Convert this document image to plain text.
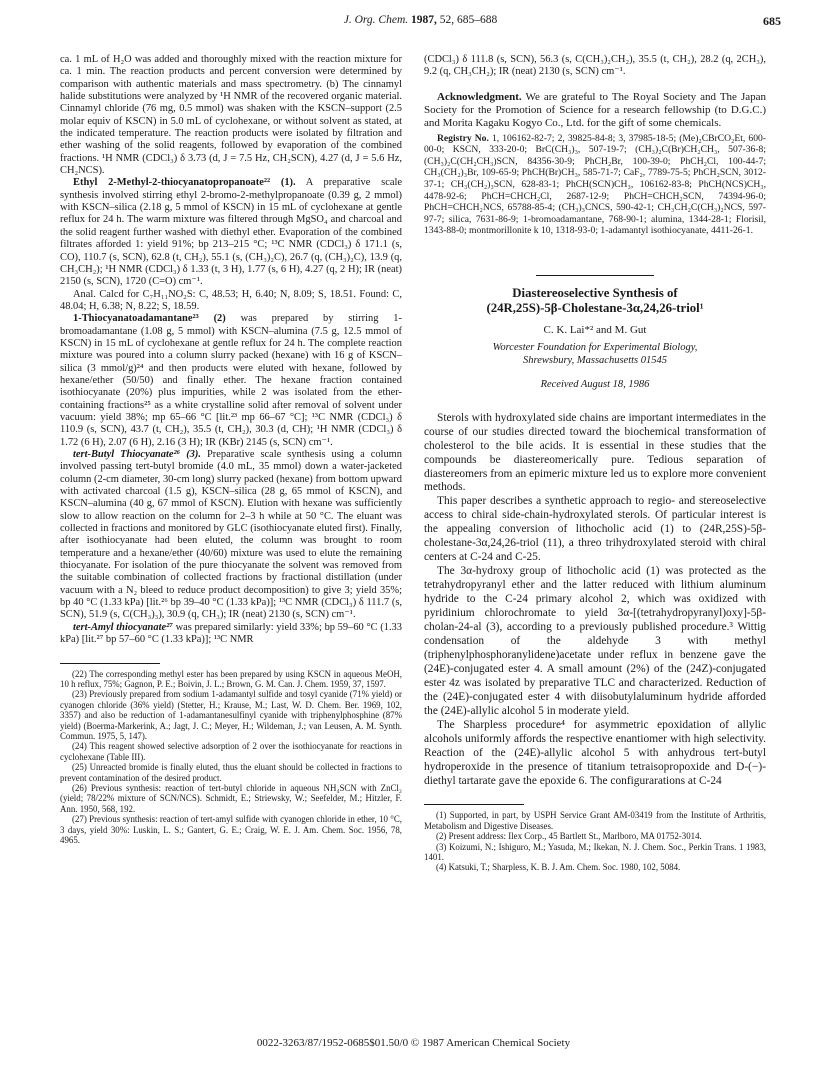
J. Org. Chem. 1987, 52, 685–688	685

ca. 1 mL of H₂O was added and thoroughly mixed with the reaction mixture for ca. 1 min. The reaction products and percent conversion were determined by comparison with authentic materials and mass spectrometry. (b) The cinnamyl halide substitutions were analyzed by ¹H NMR of the recovered organic material. Cinnamyl chloride (76 mg, 0.5 mmol) was shaken with the KSCN–support (2.5 molar equiv of KSCN) in 5.0 mL of cyclohexane, or without solvent as stated, at the indicated temperature. The reaction products were isolated by filtration and ether washing of the solid reagents, followed by evaporation of the combined fractions. ¹H NMR (CDCl₃) δ 3.73 (d, J = 7.5 Hz, CH₂SCN), 4.27 (d, J = 5.6 Hz, CH₂NCS).

Ethyl 2-Methyl-2-thiocyanatopropanoate²² (1). A preparative scale synthesis involved stirring ethyl 2-bromo-2-methylpropanoate (0.39 g, 2 mmol) with KSCN–silica (2.18 g, 5 mmol of KSCN) in 15 mL of cyclohexane at gentle reflux for 24 h. The warm mixture was filtered through MgSO₄ and charcoal and the solid reagent further washed with diethyl ether. Evaporation of the combined filtrates afforded 1: yield 91%; bp 213–215 °C; ¹³C NMR (CDCl₃) δ 171.1 (s, CO), 110.7 (s, SCN), 62.8 (t, CH₂), 55.1 (s, (CH₃)₂C), 26.7 (q, (CH₃)₂C), 13.9 (q, CH₃CH₂); ¹H NMR (CDCl₃) δ 1.33 (t, 3 H), 1.77 (s, 6 H), 4.27 (q, 2 H); IR (neat) 2150 (s, SCN), 1720 (C=O) cm⁻¹.

Anal. Calcd for C₇H₁₁NO₂S: C, 48.53; H, 6.40; N, 8.09; S, 18.51. Found: C, 48.04; H, 6.38; N, 8.22; S, 18.59.

1-Thiocyanatoadamantane²³ (2) was prepared by stirring 1-bromoadamantane (1.08 g, 5 mmol) with KSCN–alumina (7.5 g, 12.5 mmol of KSCN) in 15 mL of cyclohexane at gentle reflux for 24 h. The complete reaction mixture was poured into a column slurry packed (hexane) with 16 g of KSCN–silica (3 mmol/g)²⁴ and then products were eluted with hexane, followed by hexane/ether (50/50) and finally ether. The hexane fraction contained isothiocyanate (20%) plus impurities, while 2 was isolated from the ether-containing fractions²⁵ as a white crystalline solid after removal of solvent under vacuum: yield 38%; mp 65–66 °C [lit.²³ mp 66–67 °C]; ¹³C NMR (CDCl₃) δ 110.9 (s, SCN), 43.7 (t, CH₂), 35.5 (t, CH₂), 30.3 (d, CH); ¹H NMR (CDCl₃) δ 1.72 (6 H), 2.07 (6 H), 2.16 (3 H); IR (KBr) 2145 (s, SCN) cm⁻¹.

tert-Butyl Thiocyanate²⁶ (3). Preparative scale synthesis using a column involved passing tert-butyl bromide (4.0 mL, 35 mmol) down a water-jacketed column (2-cm diameter, 30-cm long) slurry packed (hexane) from bottom upward with activated charcoal (1.5 g), KSCN–silica (28 g, 65 mmol of KSCN), and KSCN–alumina (40 g, 67 mmol of KSCN). Elution with hexane was sufficiently slow to allow reaction on the column for 2–3 h while at 50 °C. The eluant was collected in fractions and monitored by GLC (isothiocyanate eluted first). Finally, after isothiocyanate had been eluted, the column was brought to room temperature and a hexane/ether (40/60) mixture was used to elute the remaining thiocyanate. For isolation of the pure thiocyanate the solvent was removed from the suitable combination of collected fractions by fractional distillation (under vacuum with a N₂ bleed to reduce product decomposition) to give 3; yield 35%; bp 40 °C (1.33 kPa) [lit.²⁶ bp 39–40 °C (1.33 kPa)]; ¹³C NMR (CDCl₃) δ 111.7 (s, SCN), 51.9 (s, C(CH₃)₃), 30.9 (q, CH₃); IR (neat) 2130 (s, SCN) cm⁻¹.

tert-Amyl thiocyanate²⁷ was prepared similarly: yield 33%; bp 59–60 °C (1.33 kPa) [lit.²⁷ bp 57–60 °C (1.33 kPa)]; ¹³C NMR

(22) The corresponding methyl ester has been prepared by using KSCN in aqueous MeOH, 10 h reflux, 75%; Gagnon, P. E.; Boivin, J. L.; Brown, G. M. Can. J. Chem. 1959, 37, 1597.

(23) Previously prepared from sodium 1-adamantyl sulfide and tosyl cyanide (71% yield) or cyanogen chloride (36% yield) (Stetter, H.; Krause, M.; Last, W. D. Chem. Ber. 1969, 102, 3357) and also be reduction of 1-adamantanesulfinyl cyanide with triphenylphosphine (87% yield) (Boerma-Markerink, A.; Jagt, J. C.; Meyer, H.; Wildeman, J.; van Leusen, A. M. Synth. Commun. 1975, 5, 147).

(24) This reagent showed selective adsorption of 2 over the isothiocyanate for reactions in cyclohexane (Table III).

(25) Unreacted bromide is finally eluted, thus the eluant should be collected in fractions to prevent contamination of the desired product.

(26) Previous synthesis: reaction of tert-butyl chloride in aqueous NH₄SCN with ZnCl₂ (yield; 78/22% mixture of SCN/NCS). Schmidt, E.; Striewsky, W.; Seefelder, M.; Hitzler, F. Ann. 1950, 568, 192.

(27) Previous synthesis: reaction of tert-amyl sulfide with cyanogen chloride in ether, 10 °C, 3 days, yield 30%: Luskin, L. S.; Gantert, G. E.; Craig, W. E. J. Am. Chem. Soc. 1956, 78, 4965.

(CDCl₃) δ 111.8 (s, SCN), 56.3 (s, C(CH₃)₂CH₂), 35.5 (t, CH₂), 28.2 (q, 2CH₃), 9.2 (q, CH₃CH₂); IR (neat) 2130 (s, SCN) cm⁻¹.

Acknowledgment. We are grateful to The Royal Society and The Japan Society for the Promotion of Science for a research fellowship (to D.G.C.) and Morita Kagaku Kogyo Co., Ltd. for the gift of some chemicals.

Registry No. 1, 106162-82-7; 2, 39825-84-8; 3, 37985-18-5; (Me)₂CBrCO₂Et, 600-00-0; KSCN, 333-20-0; BrC(CH₃)₃, 507-19-7; (CH₃)₂C(Br)CH₂CH₃, 507-36-8; (CH₃)₂C(CH₂CH₃)SCN, 84356-30-9; PhCH₂Br, 100-39-0; PhCH₂Cl, 100-44-7; CH₃(CH₂)₃Br, 109-65-9; PhCH(Br)CH₃, 585-71-7; CaF₂, 7789-75-5; PhCH₂SCN, 3012-37-1; CH₃(CH₂)₃SCN, 628-83-1; PhCH(SCN)CH₃, 106162-83-8; PhCH(NCS)CH₃, 4478-92-6; PhCH=CHCH₂Cl, 2687-12-9; PhCH=CHCH₂SCN, 74394-96-0; PhCH=CHCH₂NCS, 65788-85-4; (CH₃)₃CNCS, 590-42-1; CH₃CH₂C(CH₃)₂NCS, 597-97-7; silica, 7631-86-9; 1-bromoadamantane, 768-90-1; alumina, 1344-28-1; Florisil, 1343-88-0; montmorillonite k 10, 1318-93-0; 1-adamantyl isothiocyanate, 4411-26-1.

Diastereoselective Synthesis of
(24R,25S)-5β-Cholestane-3α,24,26-triol¹
C. K. Lai*² and M. Gut
Worcester Foundation for Experimental Biology,
Shrewsbury, Massachusetts 01545
Received August 18, 1986

Sterols with hydroxylated side chains are important intermediates in the course of our studies directed toward the biochemical transformation of cholesterol to the bile acids. It is essential in these studies that the compounds be diastereomerically pure. Tedious separation of diastereomers from an epimeric mixture led us to explore more convenient methods.

This paper describes a synthetic approach to regio- and stereoselective access to chiral side-chain-hydroxylated sterols. Of particular interest is the appealing conversion of lithocholic acid (1) to (24R,25S)-5β-cholestane-3α,24,26-triol (11), a threo trihydroxylated steroid with chiral centers at C-24 and C-25.

The 3α-hydroxy group of lithocholic acid (1) was protected as the tetrahydropyranyl ether and the latter reduced with lithium aluminum hydride to the C-24 primary alcohol 2, which was oxidized with pyridinium chlorochromate to yield 3α-[(tetrahydropyranyl)oxy]-5β-cholan-24-al (3), according to a previously published procedure.³ Wittig condensation of the aldehyde 3 with methyl (triphenylphosphoranylidene)acetate under reflux in benzene gave the (24E)-conjugated ester 4. A small amount (2%) of the (24Z)-conjugated ester 4z was isolated by preparative TLC and characterized. Reduction of the (24E)-conjugated ester 4 with diisobutylaluminum hydride afforded the (24E)-allylic alcohol 5 in moderate yield.

The Sharpless procedure⁴ for asymmetric epoxidation of allylic alcohols uniformly affords the respective enantiomer with high selectivity. Reaction of the (24E)-allylic alcohol 5 with anhydrous tert-butyl hydroperoxide in the presence of titanium tetraisopropoxide and D-(−)-diethyl tartarate gave the epoxide 6. The configurarations at C-24

(1) Supported, in part, by USPH Service Grant AM-03419 from the Institute of Arthritis, Metabolism and Digestive Diseases.

(2) Present address: Ilex Corp., 45 Bartlett St., Marlboro, MA 01752-3014.

(3) Koizumi, N.; Ishiguro, M.; Yasuda, M.; Ikekan, N. J. Chem. Soc., Perkin Trans. 1 1983, 1401.

(4) Katsuki, T.; Sharpless, K. B. J. Am. Chem. Soc. 1980, 102, 5084.

0022-3263/87/1952-0685$01.50/0 © 1987 American Chemical Society
